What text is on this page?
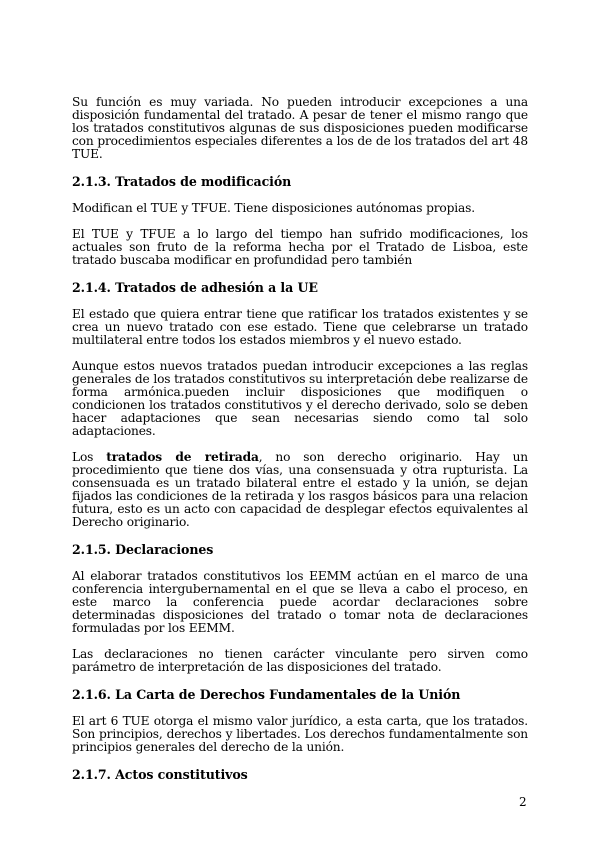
Su función es muy variada. No pueden introducir excepciones a una disposición fundamental del tratado. A pesar de tener el mismo rango que los tratados constitutivos algunas de sus disposiciones pueden modificarse con procedimientos especiales diferentes a los de de los tratados del art 48 TUE.

2.1.3. Tratados de modificación

Modifican el TUE y TFUE. Tiene disposiciones autónomas propias.

El TUE y TFUE a lo largo del tiempo han sufrido modificaciones, los actuales son fruto de la reforma hecha por el Tratado de Lisboa, este tratado buscaba modificar en profundidad pero también

2.1.4. Tratados de adhesión a la UE

El estado que quiera entrar tiene que ratificar los tratados existentes y se crea un nuevo tratado con ese estado. Tiene que celebrarse un tratado multilateral entre todos los estados miembros y el nuevo estado.

Aunque estos nuevos tratados puedan introducir excepciones a las reglas generales de los tratados constitutivos su interpretación debe realizarse de forma armónica.pueden incluir disposiciones que modifiquen o condicionen los tratados constitutivos y el derecho derivado, solo se deben hacer adaptaciones que sean necesarias siendo como tal solo adaptaciones.

Los tratados de retirada, no son derecho originario. Hay un procedimiento que tiene dos vías, una consensuada y otra rupturista. La consensuada es un tratado bilateral entre el estado y la unión, se dejan fijados las condiciones de la retirada y los rasgos básicos para una relacion futura, esto es un acto con capacidad de desplegar efectos equivalentes al Derecho originario.

2.1.5. Declaraciones

Al elaborar tratados constitutivos los EEMM actúan en el marco de una conferencia intergubernamental en el que se lleva a cabo el proceso, en este marco la conferencia puede acordar declaraciones sobre determinadas disposiciones del tratado o tomar nota de declaraciones formuladas por los EEMM.

Las declaraciones no tienen carácter vinculante pero sirven como parámetro de interpretación de las disposiciones del tratado.

2.1.6. La Carta de Derechos Fundamentales de la Unión

El art 6 TUE otorga el mismo valor jurídico, a esta carta, que los tratados. Son principios, derechos y libertades. Los derechos fundamentalmente son principios generales del derecho de la unión.

2.1.7. Actos constitutivos
2
